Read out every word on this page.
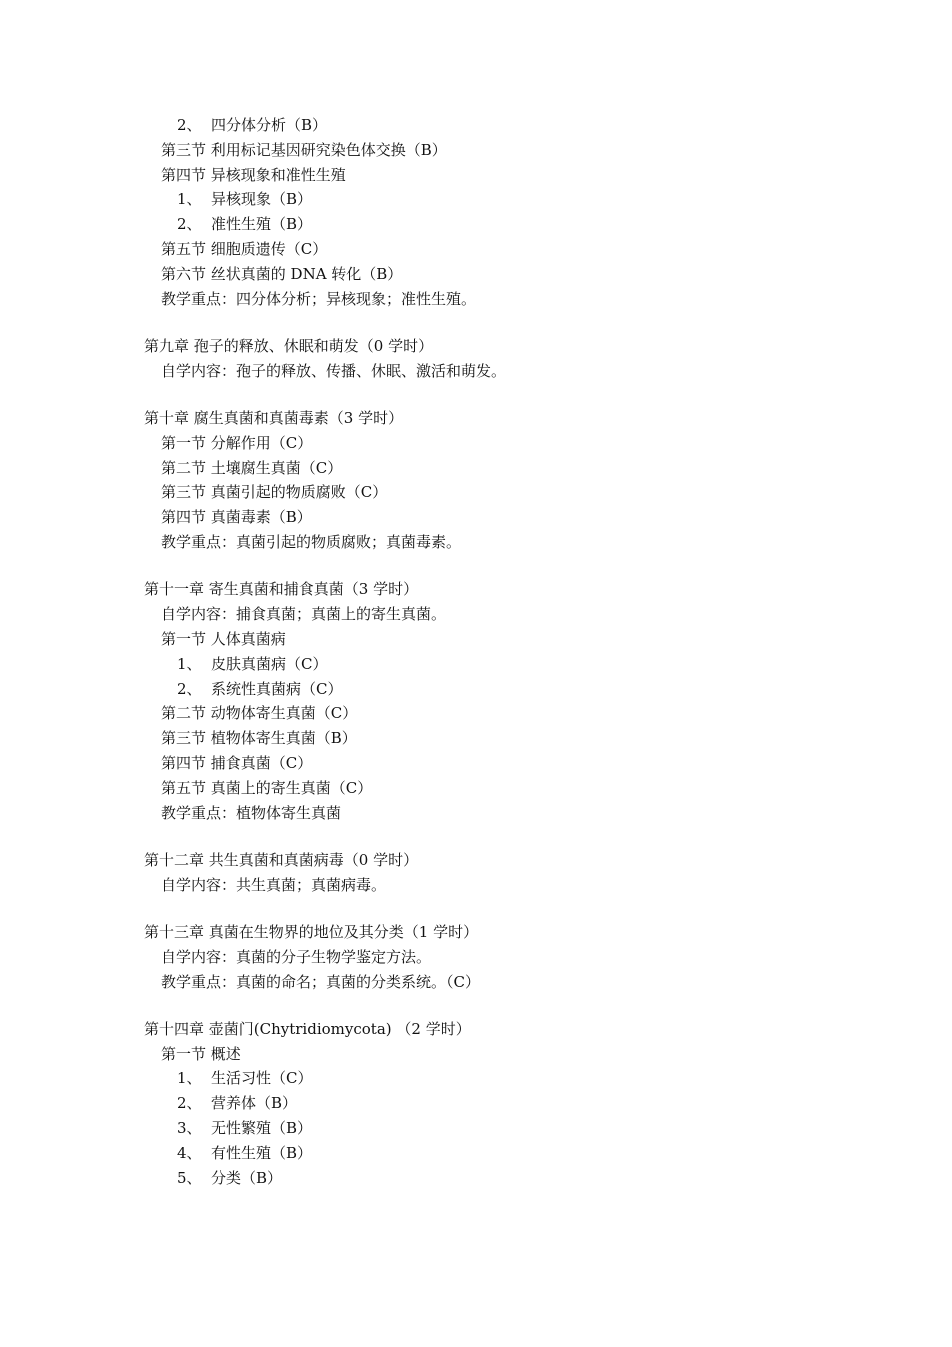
2、 四分体分析（B）
第三节 利用标记基因研究染色体交换（B）
第四节 异核现象和准性生殖
1、 异核现象（B）
2、 准性生殖（B）
第五节 细胞质遗传（C）
第六节 丝状真菌的 DNA 转化（B）
教学重点：四分体分析；异核现象；准性生殖。
第九章 孢子的释放、休眠和萌发（0 学时）
自学内容：孢子的释放、传播、休眠、激活和萌发。
第十章 腐生真菌和真菌毒素（3 学时）
第一节 分解作用（C）
第二节 土壤腐生真菌（C）
第三节 真菌引起的物质腐败（C）
第四节 真菌毒素（B）
教学重点：真菌引起的物质腐败；真菌毒素。
第十一章 寄生真菌和捕食真菌（3 学时）
自学内容：捕食真菌；真菌上的寄生真菌。
第一节 人体真菌病
1、 皮肤真菌病（C）
2、 系统性真菌病（C）
第二节 动物体寄生真菌（C）
第三节 植物体寄生真菌（B）
第四节 捕食真菌（C）
第五节 真菌上的寄生真菌（C）
教学重点：植物体寄生真菌
第十二章 共生真菌和真菌病毒（0 学时）
自学内容：共生真菌；真菌病毒。
第十三章 真菌在生物界的地位及其分类（1 学时）
自学内容：真菌的分子生物学鉴定方法。
教学重点：真菌的命名；真菌的分类系统。（C）
第十四章 壶菌门(Chytridiomycota) （2 学时）
第一节 概述
1、 生活习性（C）
2、 营养体（B）
3、 无性繁殖（B）
4、 有性生殖（B）
5、 分类（B）
